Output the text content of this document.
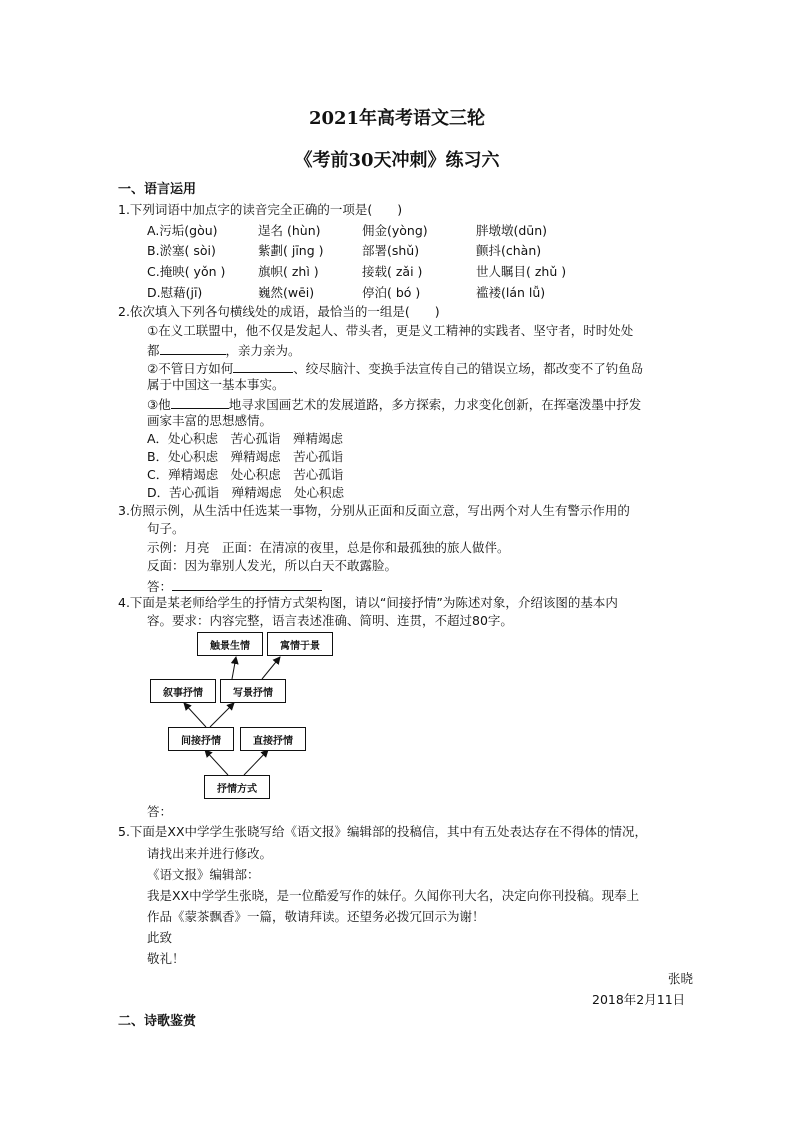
2021年高考语文三轮
《考前30天冲刺》练习六
一、语言运用
1.下列词语中加点字的读音完全正确的一项是(　　)
A.污垢(gòu)	逞名 (hùn)	佣金(yòng)	胖墩墩(dūn)
B.淤塞( sòi)	紫劃( jīng )	部署(shǔ)	颤抖(chàn)
C.掩映( yǒn )	旗帜( zhì )	接载( zǎi )	世人瞩目( zhǔ )
D.慰藉(jī)	巍然(wēi)	停泊( bó )	褴褛(lán lǚ)
2.依次填入下列各句横线处的成语，最恰当的一组是(　　)
①在义工联盟中，他不仅是发起人、带头者，更是义工精神的实践者、坚守者，时时处处
都	，亲力亲为。
②不管日方如何	、绞尽脑汁、变换手法宣传自己的错误立场，都改变不了钓鱼岛
属于中国这一基本事实。
③他	地寻求国画艺术的发展道路，多方探索，力求变化创新，在挥毫泼墨中抒发
画家丰富的思想感情。
A．处心积虑　苦心孤诣　殚精竭虑
B．处心积虑　殚精竭虑　苦心孤诣
C．殚精竭虑　处心积虑　苦心孤诣
D．苦心孤诣　殚精竭虑　处心积虑
3.仿照示例，从生活中任选某一事物，分别从正面和反面立意，写出两个对人生有警示作用的
句子。
示例：月亮　正面：在清凉的夜里，总是你和最孤独的旅人做伴。
反面：因为靠别人发光，所以白天不敢露脸。
答：
4.下面是某老师给学生的抒情方式架构图，请以“间接抒情”为陈述对象，介绍该图的基本内
容。要求：内容完整，语言表述准确、简明、连贯，不超过80字。
触景生情	寓情于景
叙事抒情	写景抒情
间接抒情	直接抒情
抒情方式
答：
5.下面是XX中学学生张晓写给《语文报》编辑部的投稿信，其中有五处表达存在不得体的情况，
请找出来并进行修改。
《语文报》编辑部：
我是XX中学学生张晓，是一位酷爱写作的妹仔。久闻你刊大名，决定向你刊投稿。现奉上
作品《蒙茶飘香》一篇，敬请拜读。还望务必拨冗回示为谢！
此致
敬礼！
张晓
2018年2月11日
二、诗歌鉴赏
